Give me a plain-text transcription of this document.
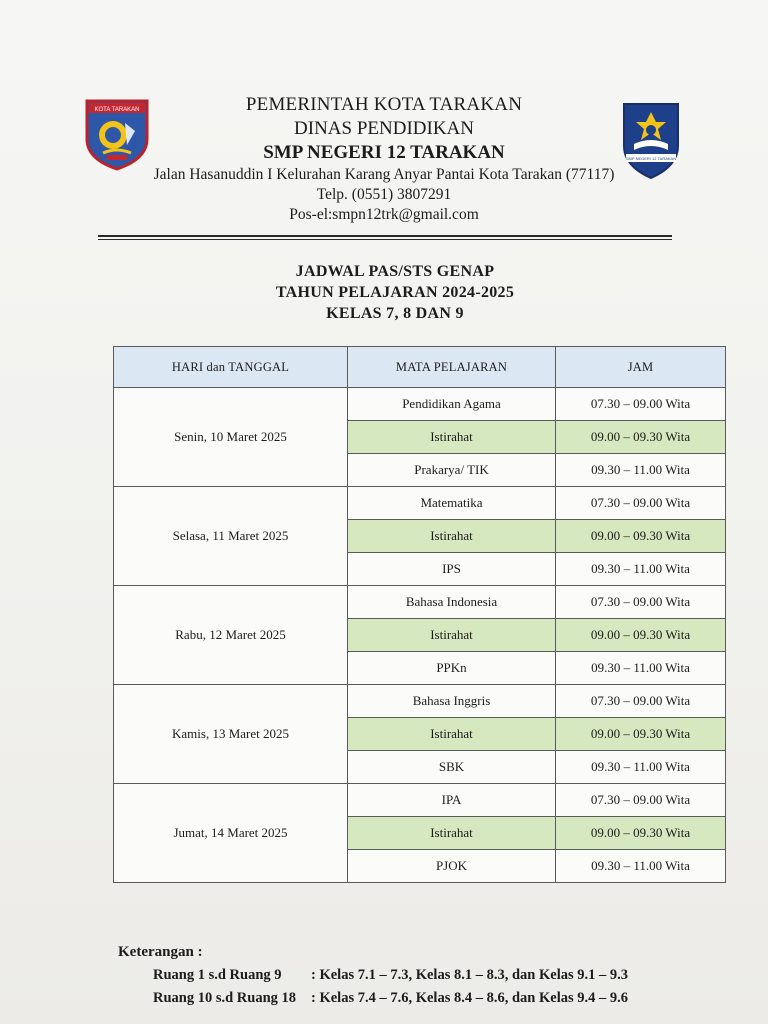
KOTA TARAKAN
SMP NEGERI 12 TARAKAN
PEMERINTAH KOTA TARAKAN
DINAS PENDIDIKAN
SMP NEGERI 12 TARAKAN
Jalan Hasanuddin I Kelurahan Karang Anyar Pantai Kota Tarakan (77117)
Telp. (0551) 3807291
Pos-el:smpn12trk@gmail.com
JADWAL PAS/STS GENAP
TAHUN PELAJARAN 2024-2025
KELAS 7, 8 DAN 9
HARI dan TANGGAL	MATA PELAJARAN	JAM
Senin, 10 Maret 2025	Pendidikan Agama	07.30 – 09.00 Wita
	Istirahat	09.00 – 09.30 Wita
	Prakarya/ TIK	09.30 – 11.00 Wita
Selasa, 11 Maret 2025	Matematika	07.30 – 09.00 Wita
	Istirahat	09.00 – 09.30 Wita
	IPS	09.30 – 11.00 Wita
Rabu, 12 Maret 2025	Bahasa Indonesia	07.30 – 09.00 Wita
	Istirahat	09.00 – 09.30 Wita
	PPKn	09.30 – 11.00 Wita
Kamis, 13 Maret 2025	Bahasa Inggris	07.30 – 09.00 Wita
	Istirahat	09.00 – 09.30 Wita
	SBK	09.30 – 11.00 Wita
Jumat, 14 Maret 2025	IPA	07.30 – 09.00 Wita
	Istirahat	09.00 – 09.30 Wita
	PJOK	09.30 – 11.00 Wita
Keterangan :
Ruang 1 s.d Ruang 9	: Kelas 7.1 – 7.3, Kelas 8.1 – 8.3, dan Kelas 9.1 – 9.3
Ruang 10 s.d Ruang 18	: Kelas 7.4 – 7.6, Kelas 8.4 – 8.6, dan Kelas 9.4 – 9.6
